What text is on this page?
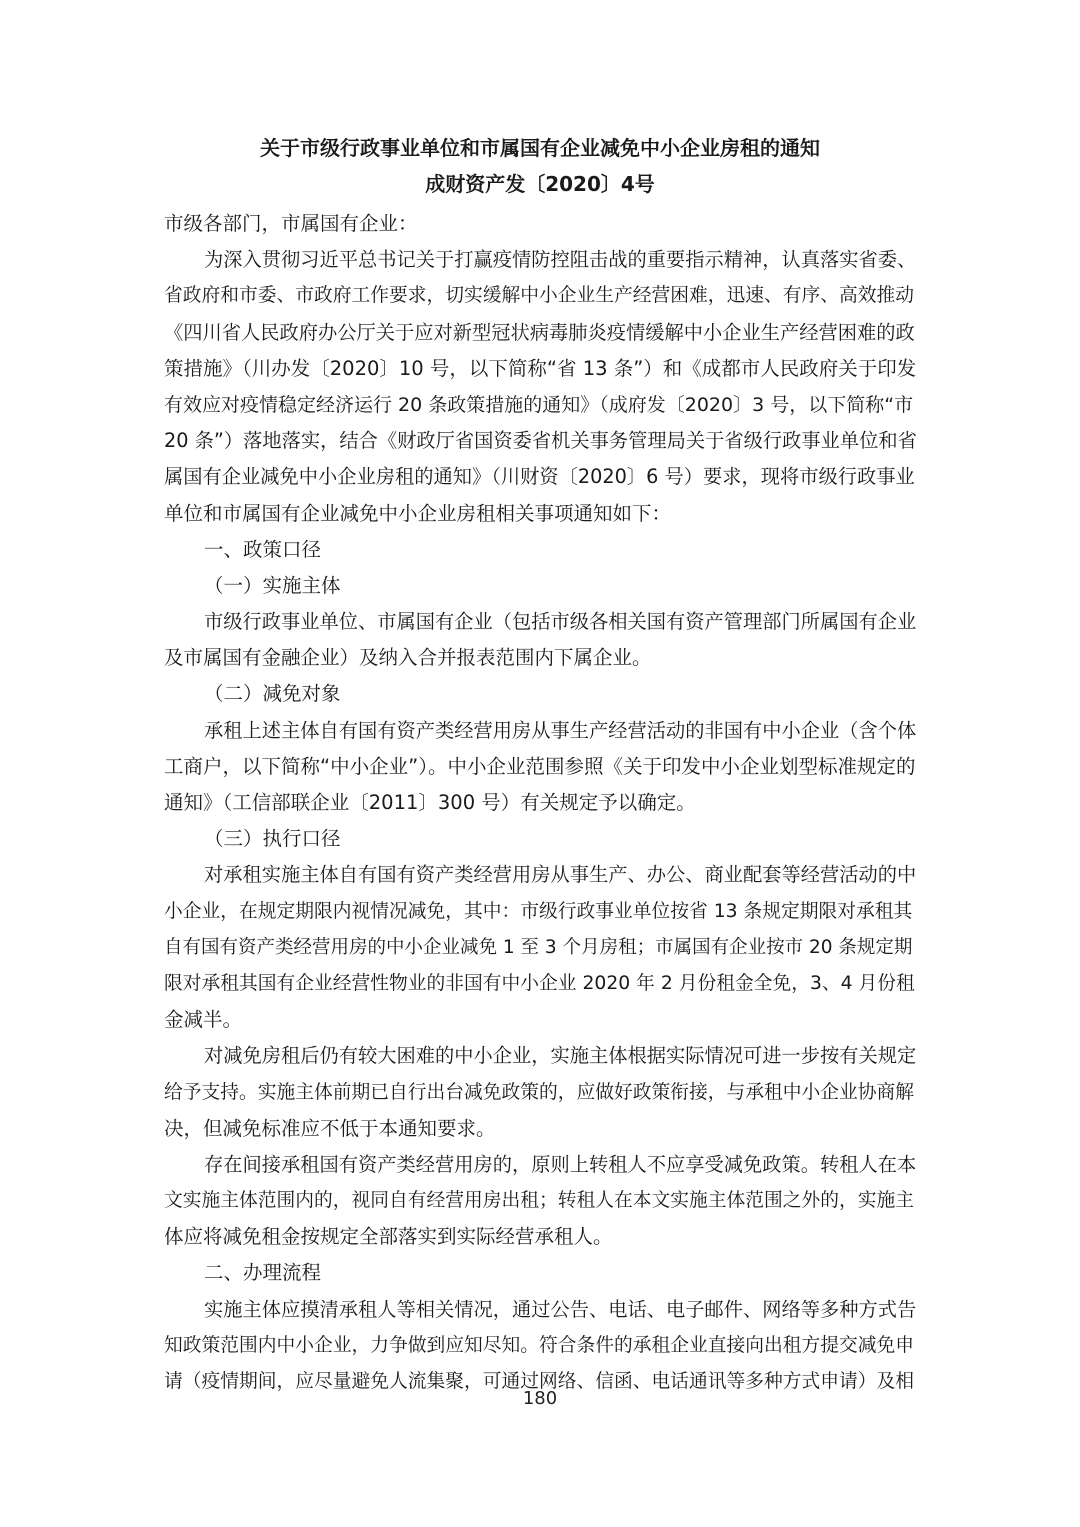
关于市级行政事业单位和市属国有企业减免中小企业房租的通知
成财资产发〔2020〕4号
市级各部门，市属国有企业：
为深入贯彻习近平总书记关于打赢疫情防控阻击战的重要指示精神，认真落实省委、
省政府和市委、市政府工作要求，切实缓解中小企业生产经营困难，迅速、有序、高效推动
《四川省人民政府办公厅关于应对新型冠状病毒肺炎疫情缓解中小企业生产经营困难的政
策措施》（川办发〔2020〕10 号，以下简称“省 13 条”）和《成都市人民政府关于印发
有效应对疫情稳定经济运行 20 条政策措施的通知》（成府发〔2020〕3 号，以下简称“市
20 条”）落地落实，结合《财政厅省国资委省机关事务管理局关于省级行政事业单位和省
属国有企业减免中小企业房租的通知》（川财资〔2020〕6 号）要求，现将市级行政事业
单位和市属国有企业减免中小企业房租相关事项通知如下：
一、政策口径
（一）实施主体
市级行政事业单位、市属国有企业（包括市级各相关国有资产管理部门所属国有企业
及市属国有金融企业）及纳入合并报表范围内下属企业。
（二）减免对象
承租上述主体自有国有资产类经营用房从事生产经营活动的非国有中小企业（含个体
工商户，以下简称“中小企业”）。中小企业范围参照《关于印发中小企业划型标准规定的
通知》（工信部联企业〔2011〕300 号）有关规定予以确定。
（三）执行口径
对承租实施主体自有国有资产类经营用房从事生产、办公、商业配套等经营活动的中
小企业，在规定期限内视情况减免，其中：市级行政事业单位按省 13 条规定期限对承租其
自有国有资产类经营用房的中小企业减免 1 至 3 个月房租；市属国有企业按市 20 条规定期
限对承租其国有企业经营性物业的非国有中小企业 2020 年 2 月份租金全免，3、4 月份租
金减半。
对减免房租后仍有较大困难的中小企业，实施主体根据实际情况可进一步按有关规定
给予支持。实施主体前期已自行出台减免政策的，应做好政策衔接，与承租中小企业协商解
决，但减免标准应不低于本通知要求。
存在间接承租国有资产类经营用房的，原则上转租人不应享受减免政策。转租人在本
文实施主体范围内的，视同自有经营用房出租；转租人在本文实施主体范围之外的，实施主
体应将减免租金按规定全部落实到实际经营承租人。
二、办理流程
实施主体应摸清承租人等相关情况，通过公告、电话、电子邮件、网络等多种方式告
知政策范围内中小企业，力争做到应知尽知。符合条件的承租企业直接向出租方提交减免申
请（疫情期间，应尽量避免人流集聚，可通过网络、信函、电话通讯等多种方式申请）及相
180
